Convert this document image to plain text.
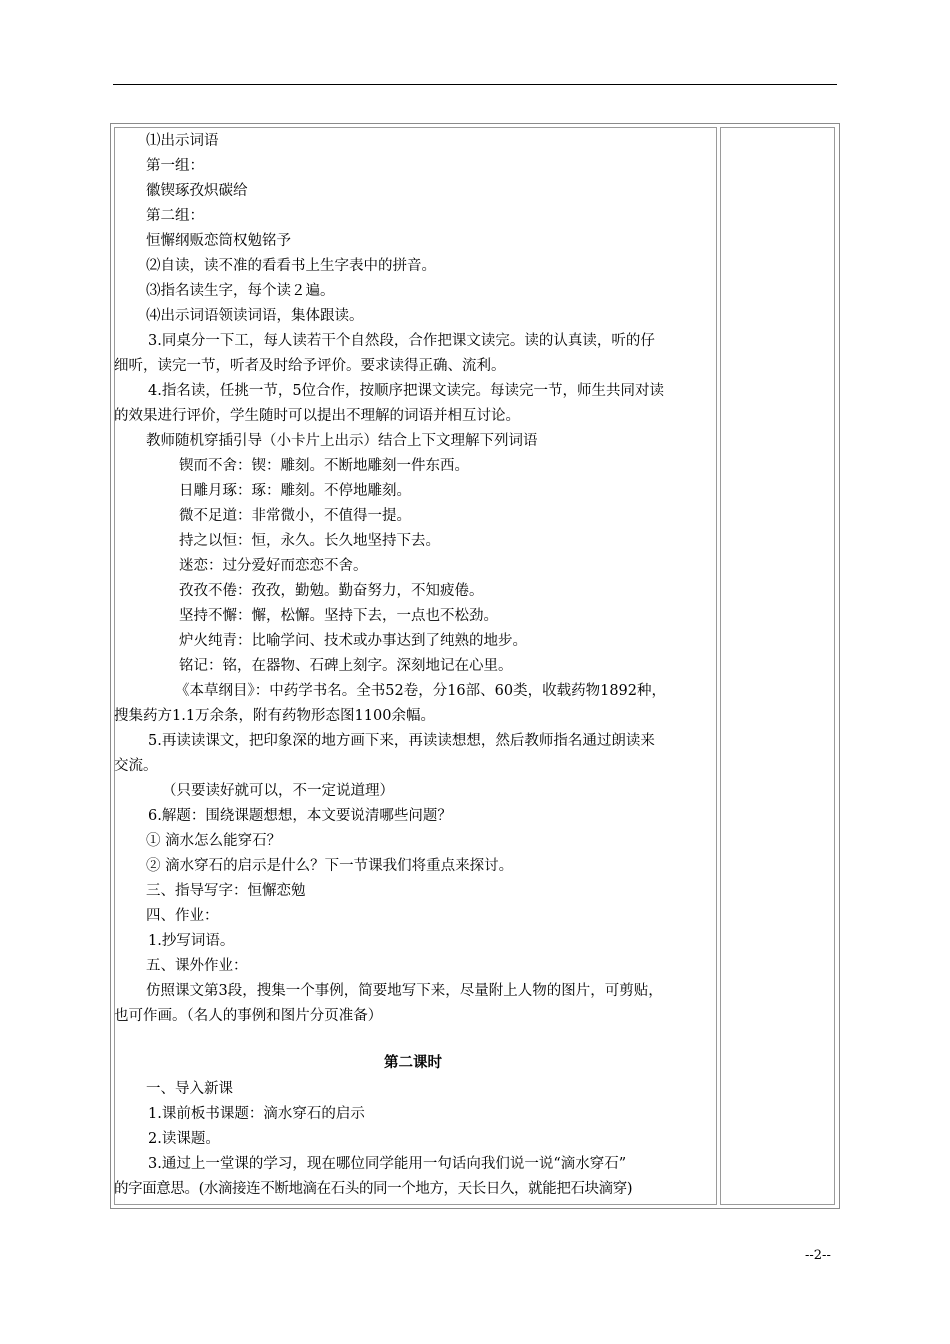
⑴出示词语
第一组：
徽锲琢孜炽碳给
第二组：
恒懈纲贩恋筒权勉铭予
⑵自读，读不准的看看书上生字表中的拼音。
⑶指名读生字，每个读２遍。
⑷出示词语领读词语，集体跟读。
3.同桌分一下工，每人读若干个自然段，合作把课文读完。读的认真读，听的仔
细听，读完一节，听者及时给予评价。要求读得正确、流利。
4.指名读，任挑一节，5位合作，按顺序把课文读完。每读完一节，师生共同对读
的效果进行评价，学生随时可以提出不理解的词语并相互讨论。
教师随机穿插引导（小卡片上出示）结合上下文理解下列词语
锲而不舍：锲：雕刻。不断地雕刻一件东西。
日雕月琢：琢：雕刻。不停地雕刻。
微不足道：非常微小，不值得一提。
持之以恒：恒，永久。长久地坚持下去。
迷恋：过分爱好而恋恋不舍。
孜孜不倦：孜孜，勤勉。勤奋努力，不知疲倦。
坚持不懈：懈，松懈。坚持下去，一点也不松劲。
炉火纯青：比喻学问、技术或办事达到了纯熟的地步。
铭记：铭，在器物、石碑上刻字。深刻地记在心里。
《本草纲目》：中药学书名。全书52卷，分16部、60类，收载药物1892种，
搜集药方1.1万余条，附有药物形态图1100余幅。
5.再读读课文，把印象深的地方画下来，再读读想想，然后教师指名通过朗读来
交流。
（只要读好就可以，不一定说道理）
6.解题：围绕课题想想，本文要说清哪些问题？
① 滴水怎么能穿石？
② 滴水穿石的启示是什么？下一节课我们将重点来探讨。
三、指导写字：恒懈恋勉
四、作业：
1.抄写词语。
五、课外作业：
仿照课文第3段，搜集一个事例，简要地写下来，尽量附上人物的图片，可剪贴，
也可作画。（名人的事例和图片分页准备）
第二课时
一、导入新课
1.课前板书课题：滴水穿石的启示
2.读课题。
3.通过上一堂课的学习，现在哪位同学能用一句话向我们说一说“滴水穿石”
的字面意思。(水滴接连不断地滴在石头的同一个地方，天长日久，就能把石块滴穿)
--2--
